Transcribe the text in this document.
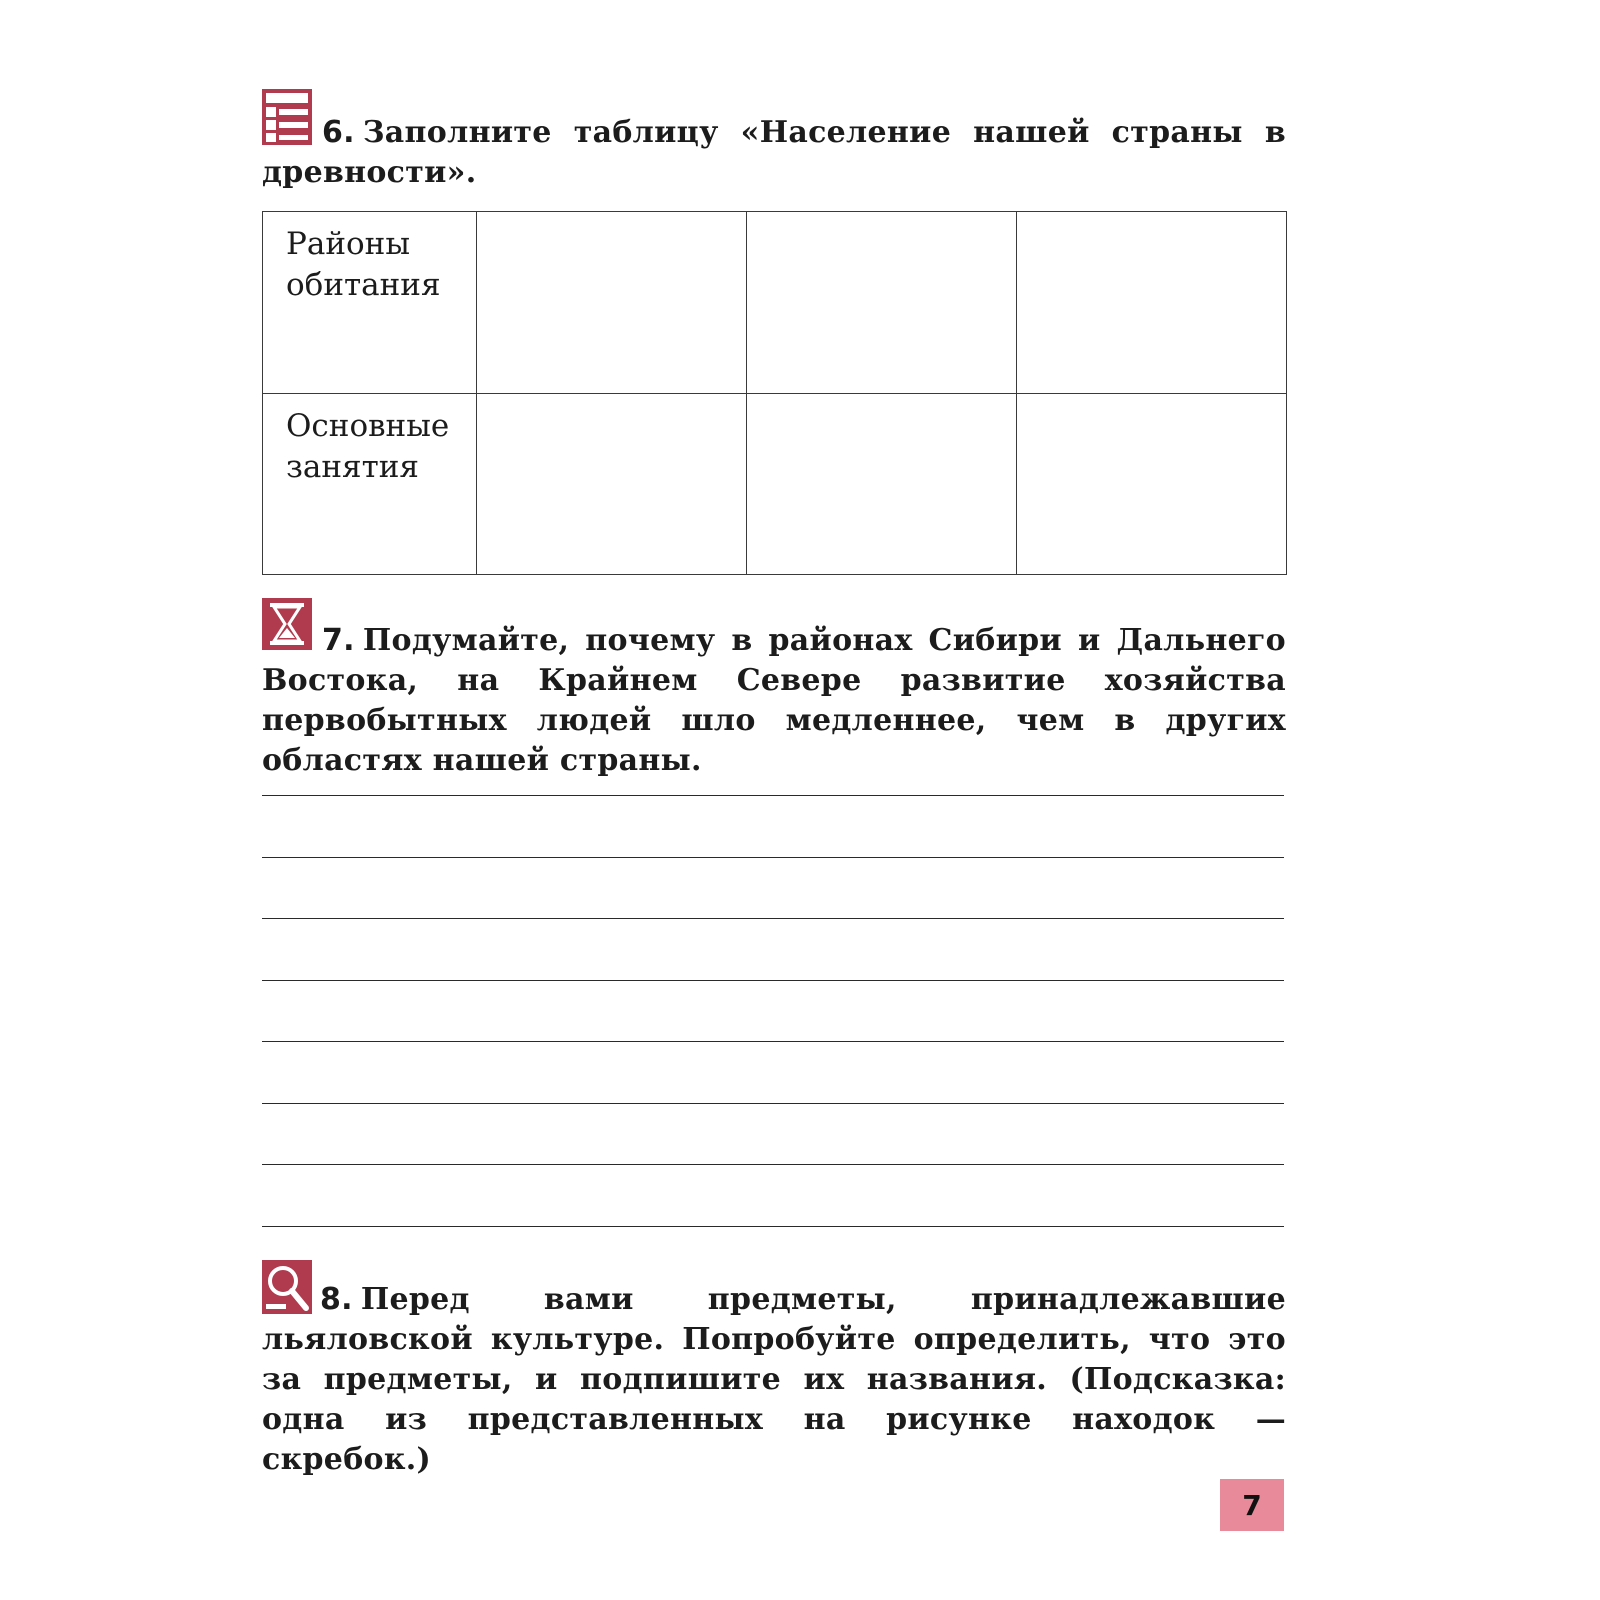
6. Заполните таблицу «Население нашей страны в древности».

Районы обитания			
Основные занятия			

7. Подумайте, почему в районах Сибири и Дальнего Востока, на Крайнем Севере развитие хозяйства первобытных людей шло медленнее, чем в других областях нашей страны.

8. Перед вами предметы, принадлежавшие льяловской культуре. Попробуйте определить, что это за предметы, и подпишите их названия. (Подсказка: одна из представленных на рисунке находок — скребок.)

7
